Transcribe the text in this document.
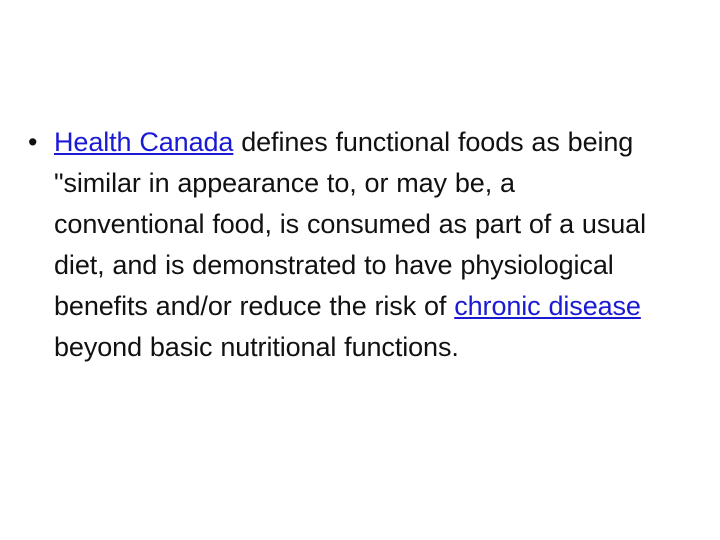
• Health Canada defines functional foods as being "similar in appearance to, or may be, a conventional food, is consumed as part of a usual diet, and is demonstrated to have physiological benefits and/or reduce the risk of chronic disease beyond basic nutritional functions.
